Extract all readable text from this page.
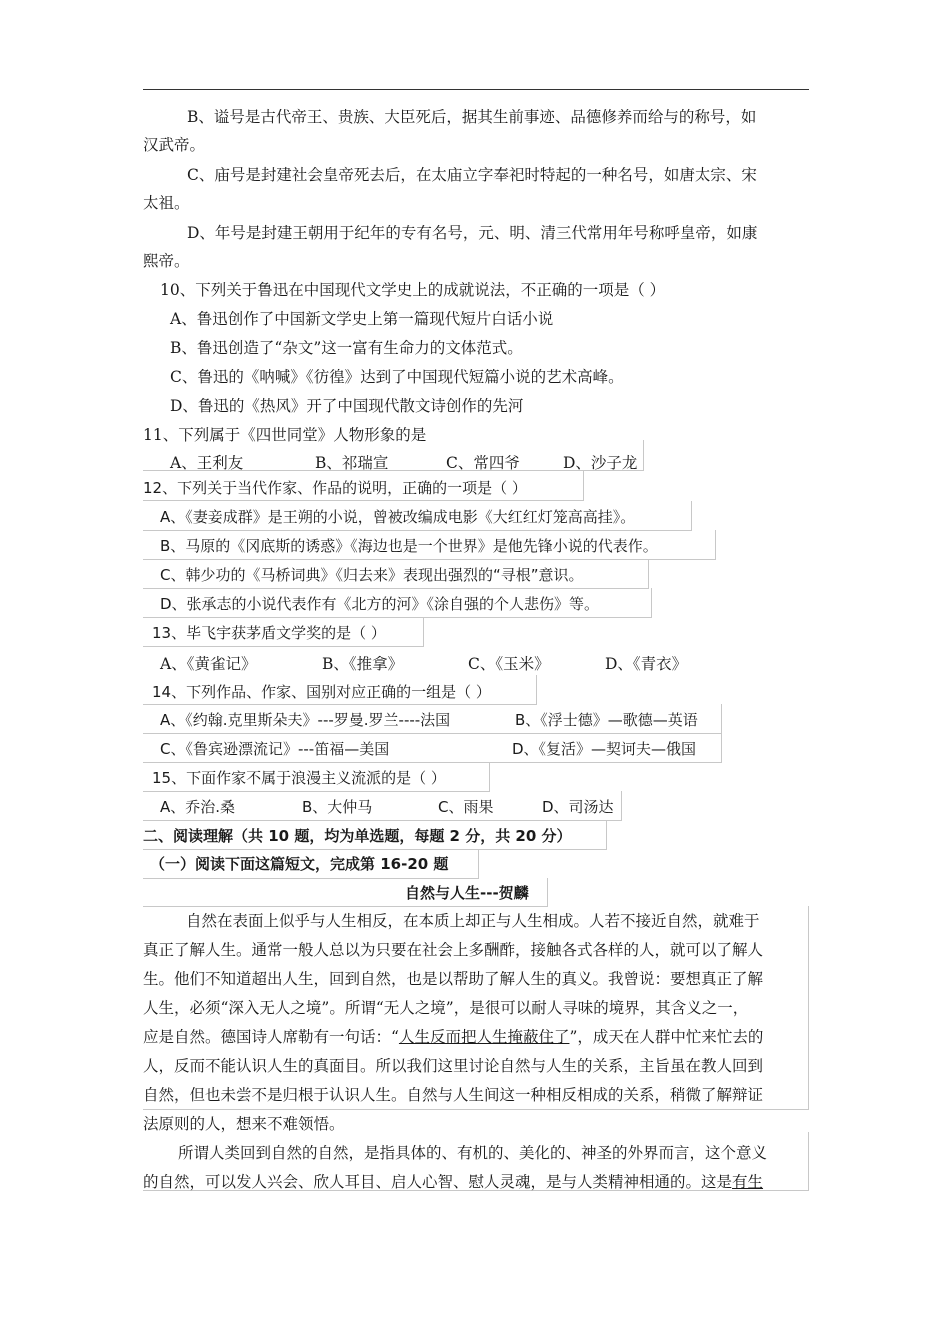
B、谥号是古代帝王、贵族、大臣死后，据其生前事迹、品德修养而给与的称号，如
汉武帝。
C、庙号是封建社会皇帝死去后，在太庙立字奉祀时特起的一种名号，如唐太宗、宋
太祖。
D、年号是封建王朝用于纪年的专有名号，元、明、清三代常用年号称呼皇帝，如康
熙帝。
10、下列关于鲁迅在中国现代文学史上的成就说法，不正确的一项是（ ）
A、鲁迅创作了中国新文学史上第一篇现代短片白话小说
B、鲁迅创造了“杂文”这一富有生命力的文体范式。
C、鲁迅的《呐喊》《彷徨》达到了中国现代短篇小说的艺术高峰。
D、鲁迅的《热风》开了中国现代散文诗创作的先河
11、下列属于《四世同堂》人物形象的是
A、王利友	B、祁瑞宣	C、常四爷	D、沙子龙
12、下列关于当代作家、作品的说明，正确的一项是（ ）
A、《妻妾成群》是王朔的小说，曾被改编成电影《大红红灯笼高高挂》。
B、马原的《冈底斯的诱惑》《海边也是一个世界》是他先锋小说的代表作。
C、韩少功的《马桥词典》《归去来》表现出强烈的“寻根”意识。
D、张承志的小说代表作有《北方的河》《涂自强的个人悲伤》等。
13、毕飞宇获茅盾文学奖的是（ ）
A、《黄雀记》	B、《推拿》	C、《玉米》	D、《青衣》
14、下列作品、作家、国别对应正确的一组是（ ）
A、《约翰.克里斯朵夫》---罗曼.罗兰----法国	B、《浮士德》—歌德—英语
C、《鲁宾逊漂流记》---笛福—美国	D、《复活》—契诃夫—俄国
15、下面作家不属于浪漫主义流派的是（ ）
A、乔治.桑	B、大仲马	C、雨果	D、司汤达
二、阅读理解（共 10 题，均为单选题，每题 2 分，共 20 分）
（一）阅读下面这篇短文，完成第 16-20 题
自然与人生---贺麟
自然在表面上似乎与人生相反，在本质上却正与人生相成。人若不接近自然，就难于
真正了解人生。通常一般人总以为只要在社会上多酬酢，接触各式各样的人，就可以了解人
生。他们不知道超出人生，回到自然，也是以帮助了解人生的真义。我曾说：要想真正了解
人生，必须“深入无人之境”。所谓“无人之境”，是很可以耐人寻味的境界，其含义之一，
应是自然。德国诗人席勒有一句话：“人生反而把人生掩蔽住了”，成天在人群中忙来忙去的
人，反而不能认识人生的真面目。所以我们这里讨论自然与人生的关系，主旨虽在教人回到
自然，但也未尝不是归根于认识人生。自然与人生间这一种相反相成的关系，稍微了解辩证
法原则的人，想来不难领悟。
所谓人类回到自然的自然，是指具体的、有机的、美化的、神圣的外界而言，这个意义
的自然，可以发人兴会、欣人耳目、启人心智、慰人灵魂，是与人类精神相通的。这是有生
